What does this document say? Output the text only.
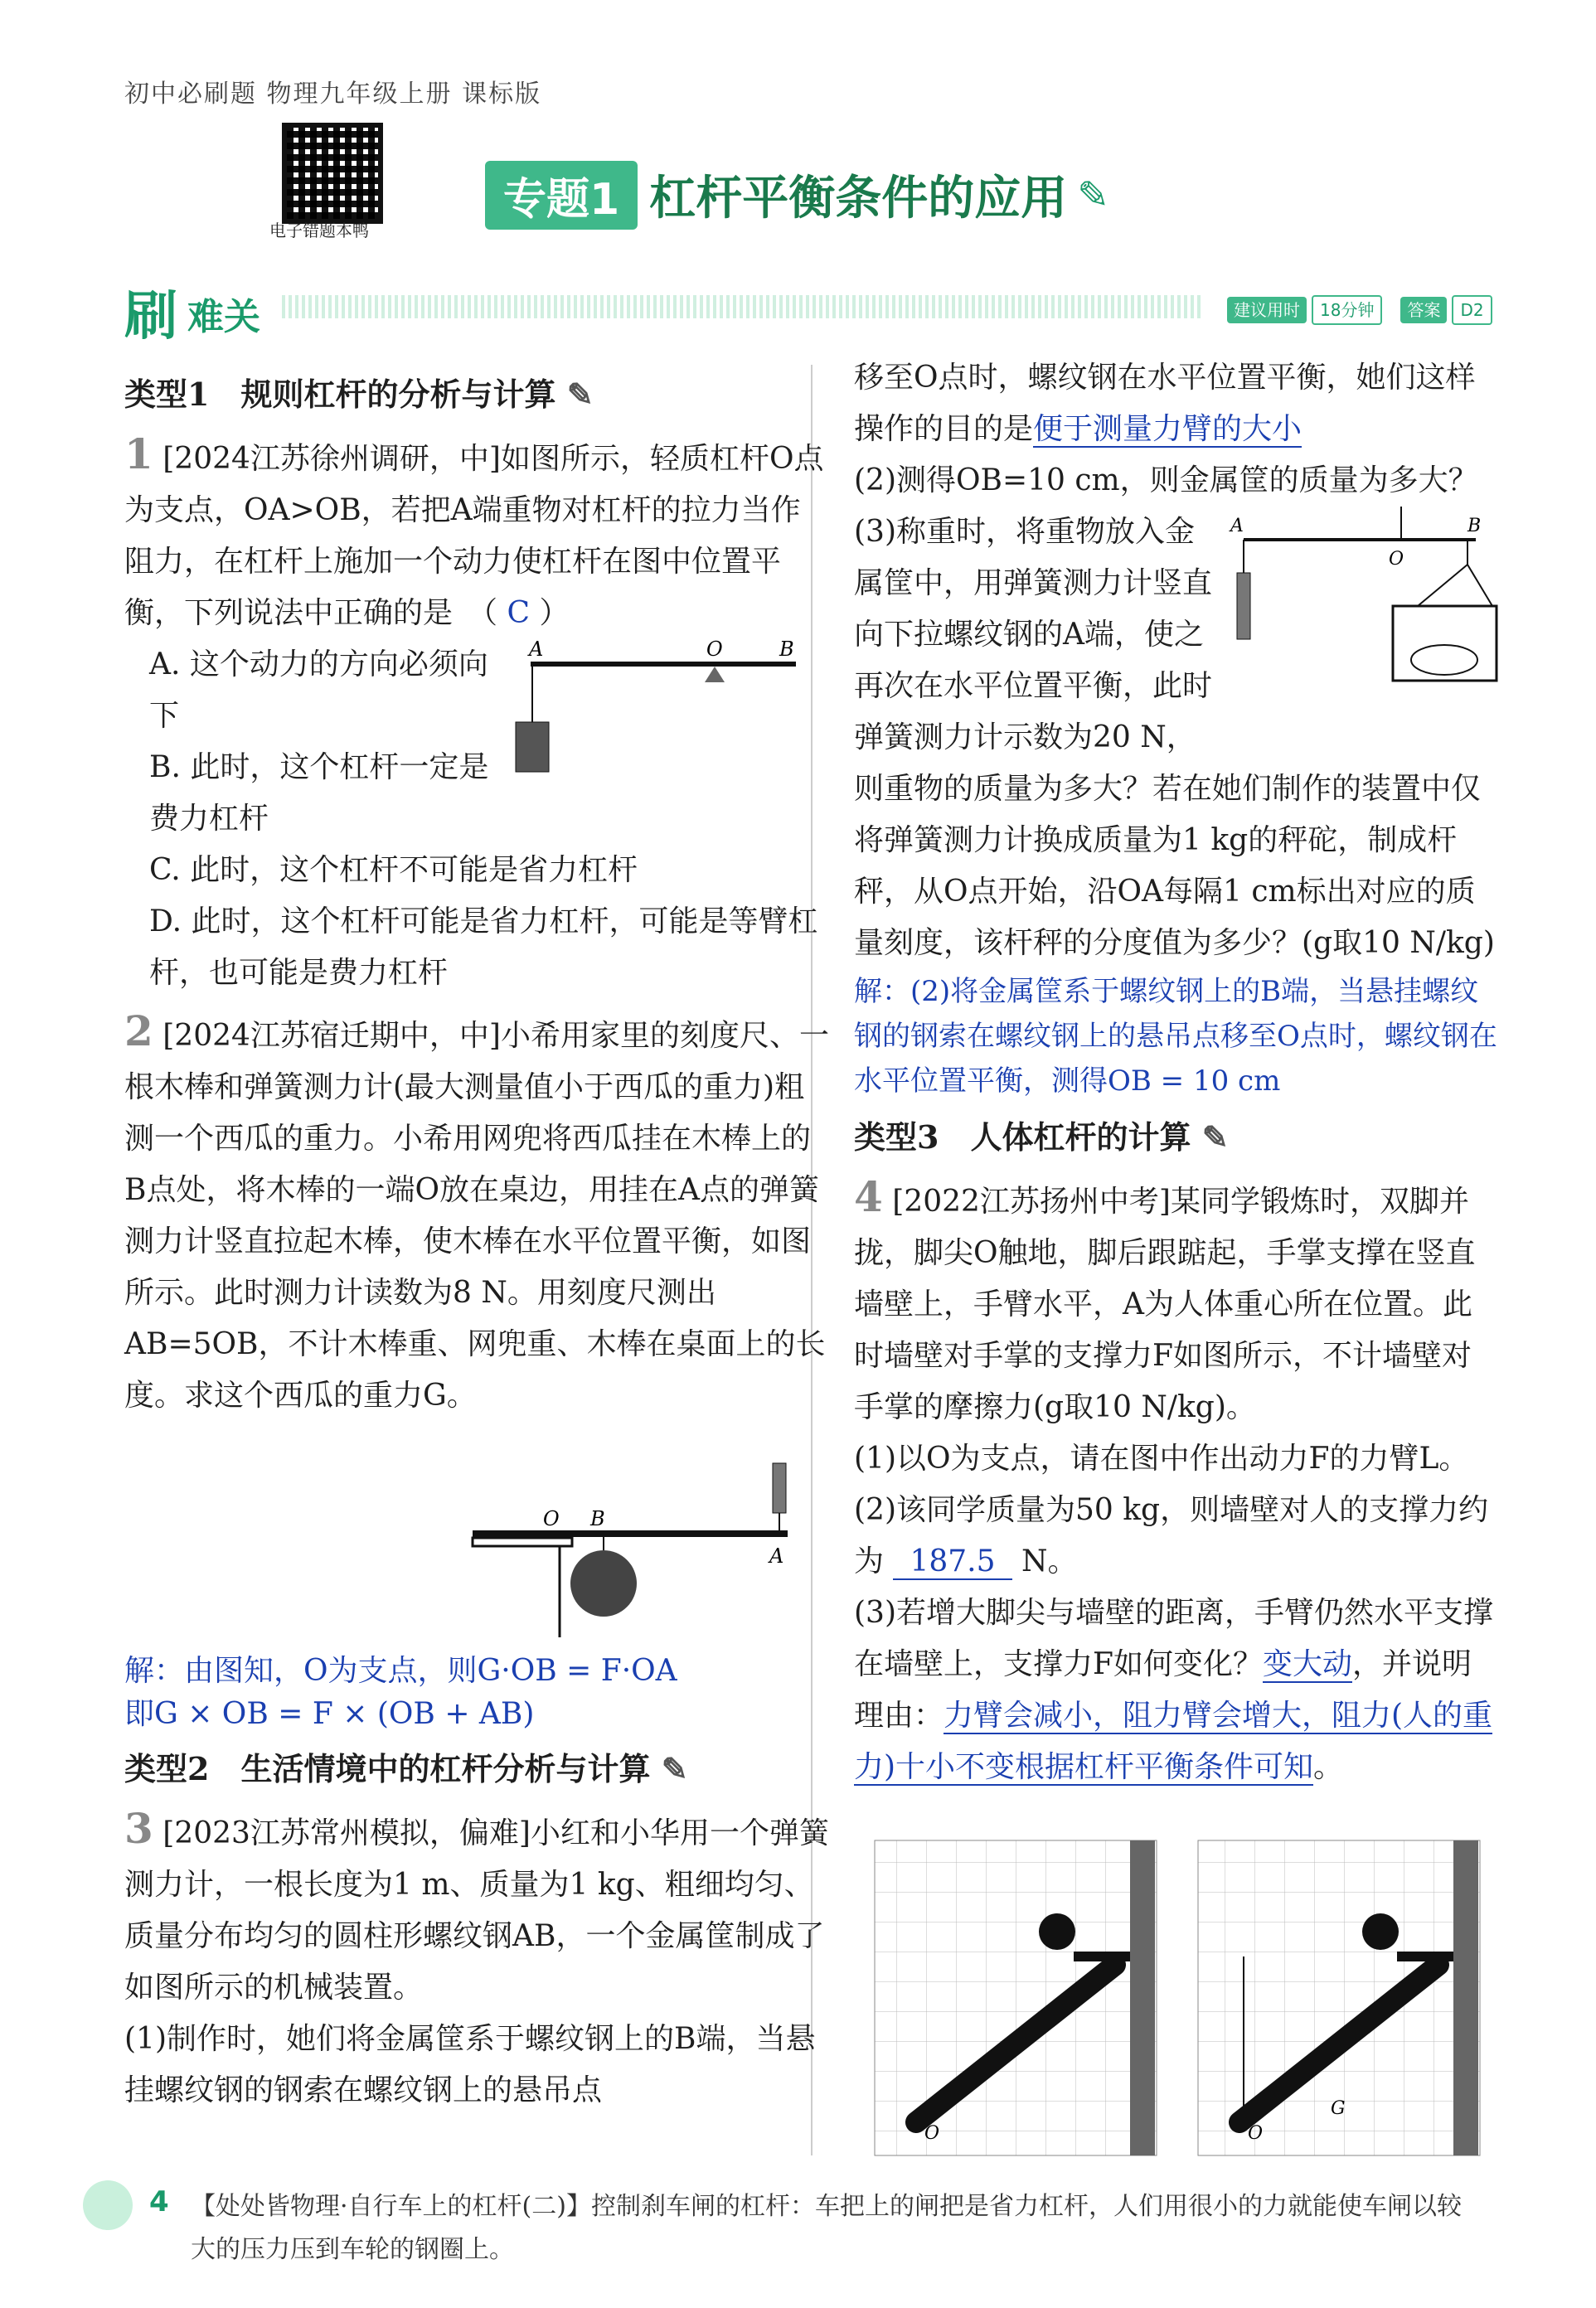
初中必刷题 物理九年级上册 课标版
电子错题本鸭
专题1 杠杆平衡条件的应用 ✎
刷 难关	建议用时	18分钟	答案	D2
类型1　规则杠杆的分析与计算 ✎
1 [2024江苏徐州调研，中]如图所示，轻质杠杆O点为支点，OA>OB，若把A端重物对杠杆的拉力当作阻力，在杠杆上施加一个动力使杠杆在图中位置平衡，下列说法中正确的是　（ C ）
A. 这个动力的方向必须向下
B. 此时，这个杠杆一定是费力杠杆
A	O	B
C. 此时，这个杠杆不可能是省力杠杆
D. 此时，这个杠杆可能是省力杠杆，可能是等臂杠杆，也可能是费力杠杆
2 [2024江苏宿迁期中，中]小希用家里的刻度尺、一根木棒和弹簧测力计(最大测量值小于西瓜的重力)粗测一个西瓜的重力。小希用网兜将西瓜挂在木棒上的B点处，将木棒的一端O放在桌边，用挂在A点的弹簧测力计竖直拉起木棒，使木棒在水平位置平衡，如图所示。此时测力计读数为8 N。用刻度尺测出AB=5OB，不计木棒重、网兜重、木棒在桌面上的长度。求这个西瓜的重力G。
O B
A
解：由图知，O为支点，则G·OB = F·OA
即G × OB = F × (OB + AB)
类型2　生活情境中的杠杆分析与计算 ✎
3 [2023江苏常州模拟，偏难]小红和小华用一个弹簧测力计，一根长度为1 m、质量为1 kg、粗细均匀、质量分布均匀的圆柱形螺纹钢AB，一个金属筐制成了如图所示的机械装置。
(1)制作时，她们将金属筐系于螺纹钢上的B端，当悬挂螺纹钢的钢索在螺纹钢上的悬吊点
移至O点时，螺纹钢在水平位置平衡，她们这样操作的目的是便于测量力臂的大小
(2)测得OB=10 cm，则金属筐的质量为多大？
A
O
B
(3)称重时，将重物放入金属筐中，用弹簧测力计竖直向下拉螺纹钢的A端，使之再次在水平位置平衡，此时弹簧测力计示数为20 N，则重物的质量为多大？若在她们制作的装置中仅将弹簧测力计换成质量为1 kg的秤砣，制成杆秤，从O点开始，沿OA每隔1 cm标出对应的质量刻度，该杆秤的分度值为多少？(g取10 N/kg)
解：(2)将金属筐系于螺纹钢上的B端，当悬挂螺纹钢的钢索在螺纹钢上的悬吊点移至O点时，螺纹钢在水平位置平衡，测得OB = 10 cm
类型3　人体杠杆的计算 ✎
4 [2022江苏扬州中考]某同学锻炼时，双脚并拢，脚尖O触地，脚后跟踮起，手掌支撑在竖直墙壁上，手臂水平，A为人体重心所在位置。此时墙壁对手掌的支撑力F如图所示，不计墙壁对手掌的摩擦力(g取10 N/kg)。
(1)以O为支点，请在图中作出动力F的力臂L。
(2)该同学质量为50 kg，则墙壁对人的支撑力约为 187.5 N。
(3)若增大脚尖与墙壁的距离，手臂仍然水平支撑在墙壁上，支撑力F如何变化？变大动，并说明理由：力臂会减小，阻力臂会增大，阻力(人的重力)十小不变根据杠杆平衡条件可知。
O	O
G
4 【处处皆物理·自行车上的杠杆(二)】控制刹车闸的杠杆：车把上的闸把是省力杠杆，人们用很小的力就能使车闸以较大的压力压到车轮的钢圈上。
